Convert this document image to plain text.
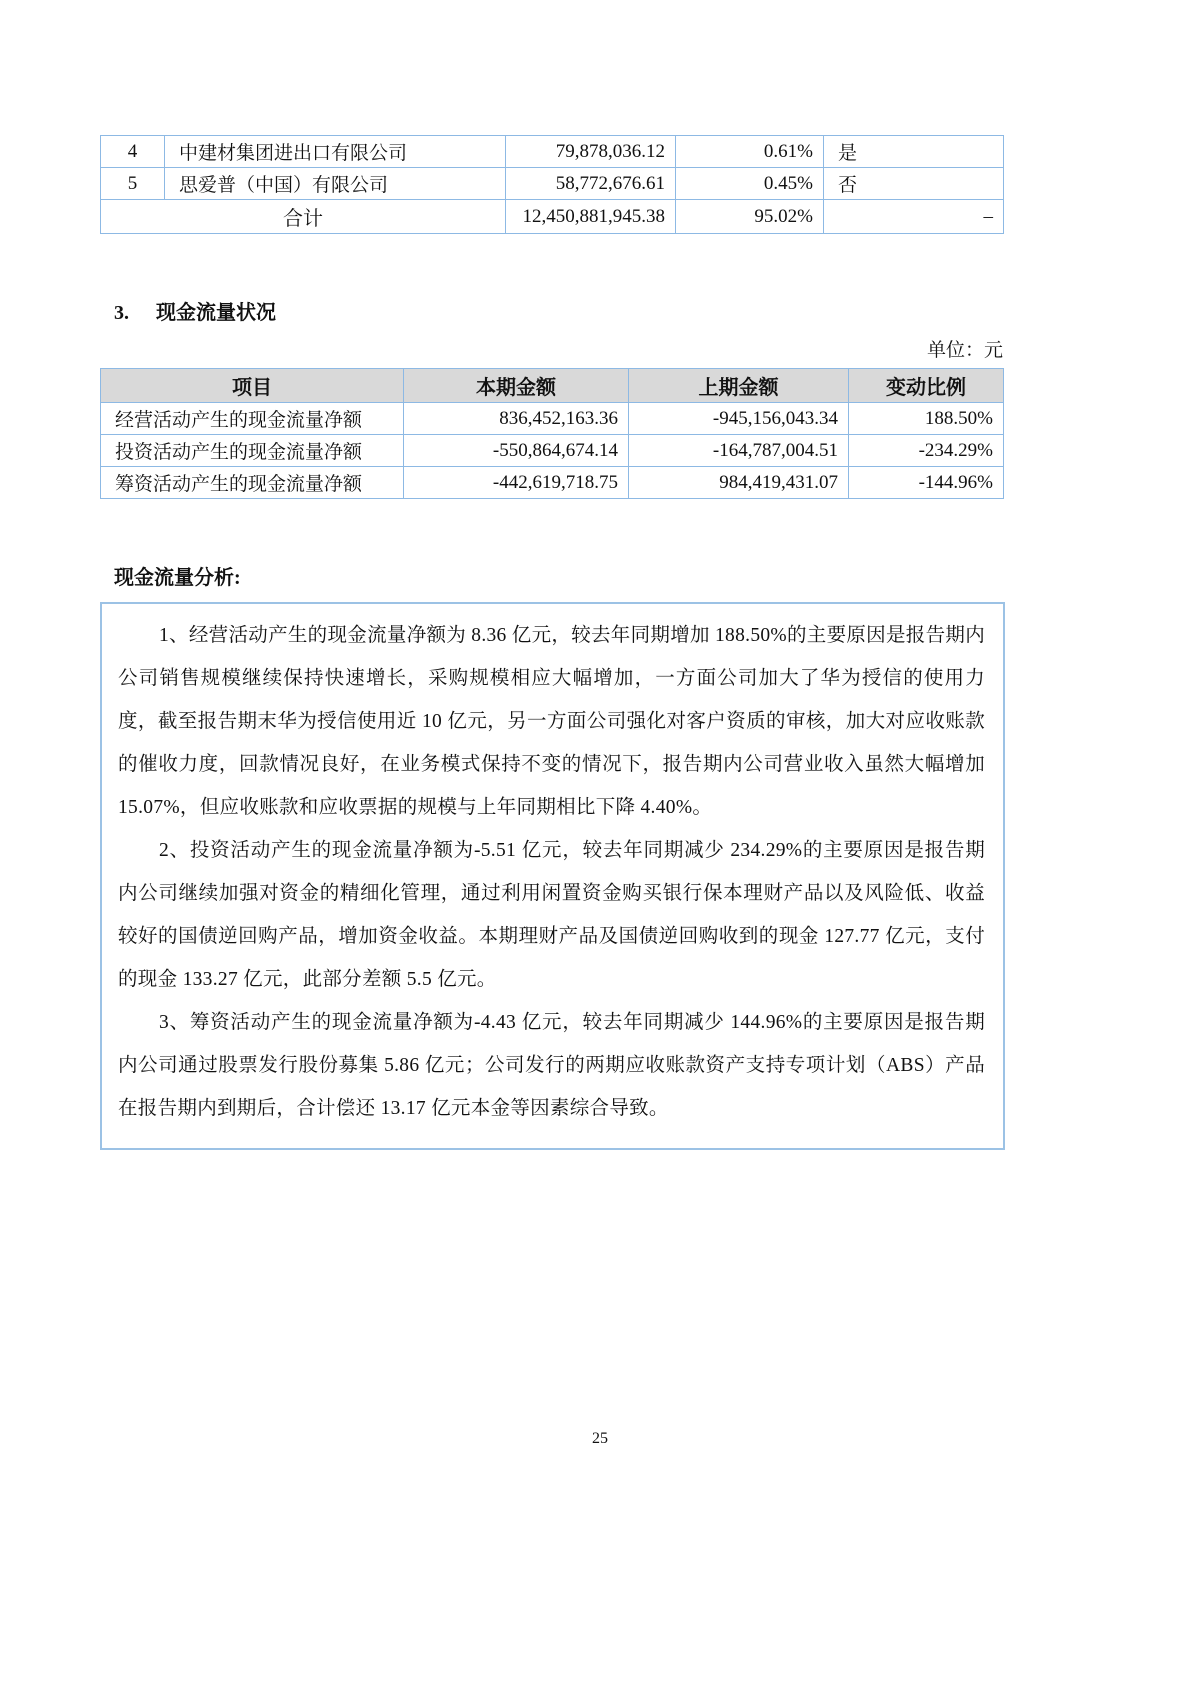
4	中建材集团进出口有限公司	79,878,036.12	0.61%	是
5	思爱普（中国）有限公司	58,772,676.61	0.45%	否
合计		12,450,881,945.38	95.02%	–
3. 现金流量状况
单位：元
项目	本期金额	上期金额	变动比例
经营活动产生的现金流量净额	836,452,163.36	-945,156,043.34	188.50%
投资活动产生的现金流量净额	-550,864,674.14	-164,787,004.51	-234.29%
筹资活动产生的现金流量净额	-442,619,718.75	984,419,431.07	-144.96%
现金流量分析:

1、经营活动产生的现金流量净额为 8.36 亿元，较去年同期增加 188.50%的主要原因是报告期内公司销售规模继续保持快速增长，采购规模相应大幅增加，一方面公司加大了华为授信的使用力度，截至报告期末华为授信使用近 10 亿元，另一方面公司强化对客户资质的审核，加大对应收账款的催收力度，回款情况良好，在业务模式保持不变的情况下，报告期内公司营业收入虽然大幅增加 15.07%，但应收账款和应收票据的规模与上年同期相比下降 4.40%。

2、投资活动产生的现金流量净额为-5.51 亿元，较去年同期减少 234.29%的主要原因是报告期内公司继续加强对资金的精细化管理，通过利用闲置资金购买银行保本理财产品以及风险低、收益较好的国债逆回购产品，增加资金收益。本期理财产品及国债逆回购收到的现金 127.77 亿元，支付的现金 133.27 亿元，此部分差额 5.5 亿元。

3、筹资活动产生的现金流量净额为-4.43 亿元，较去年同期减少 144.96%的主要原因是报告期内公司通过股票发行股份募集 5.86 亿元；公司发行的两期应收账款资产支持专项计划（ABS）产品在报告期内到期后，合计偿还 13.17 亿元本金等因素综合导致。

25
